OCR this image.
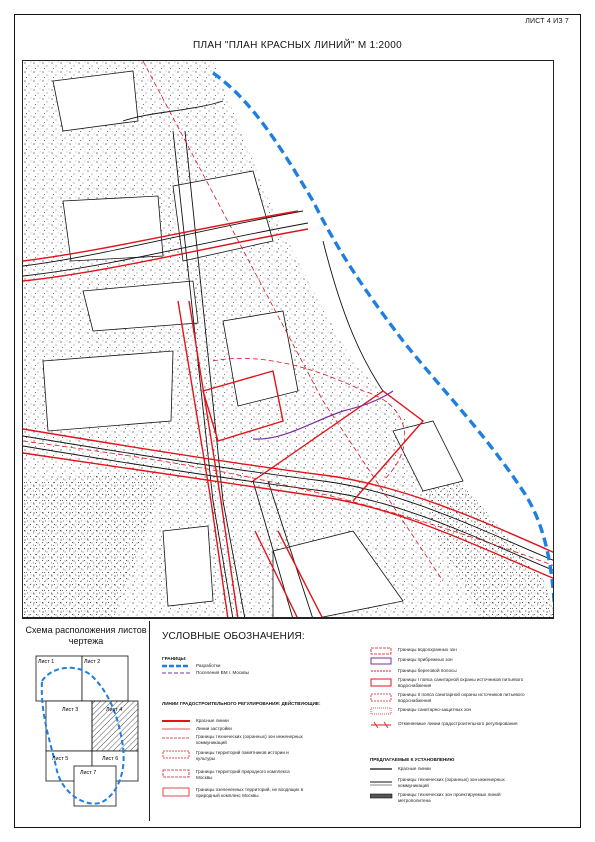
ЛИСТ 4 ИЗ 7
ПЛАН "ПЛАН КРАСНЫХ ЛИНИЙ" М 1:2000
Схема расположения листов чертежа
Лист 1	Лист 2
Лист 3	Лист 4
Лист 5	Лист 6
Лист 7
УСЛОВНЫЕ ОБОЗНАЧЕНИЯ:
ГРАНИЦЫ:
Разработки
Поселения ВМ г. Москвы
ЛИНИИ ГРАДОСТРОИТЕЛЬНОГО РЕГУЛИРОВАНИЯ: ДЕЙСТВУЮЩИЕ:
Красные линии
Линии застройки
Границы технических (охранных) зон инженерных коммуникаций
Границы территорий памятников истории и культуры
Границы территорий природного комплекса Москвы
Границы озелененных территорий, не входящих в природный комплекс Москвы
Границы водоохранных зон
Границы прибрежных зон
Границы береговой полосы
Границы I пояса санитарной охраны источников питьевого водоснабжения
Границы II пояса санитарной охраны источников питьевого водоснабжения
Границы санитарно-защитных зон
Отменяемые линии градостроительного регулирования
ПРЕДЛАГАЕМЫЕ К УСТАНОВЛЕНИЮ
Красные линии
Границы технических (охранных) зон инженерных коммуникаций
Границы технических зон проектируемых линий метрополитена
